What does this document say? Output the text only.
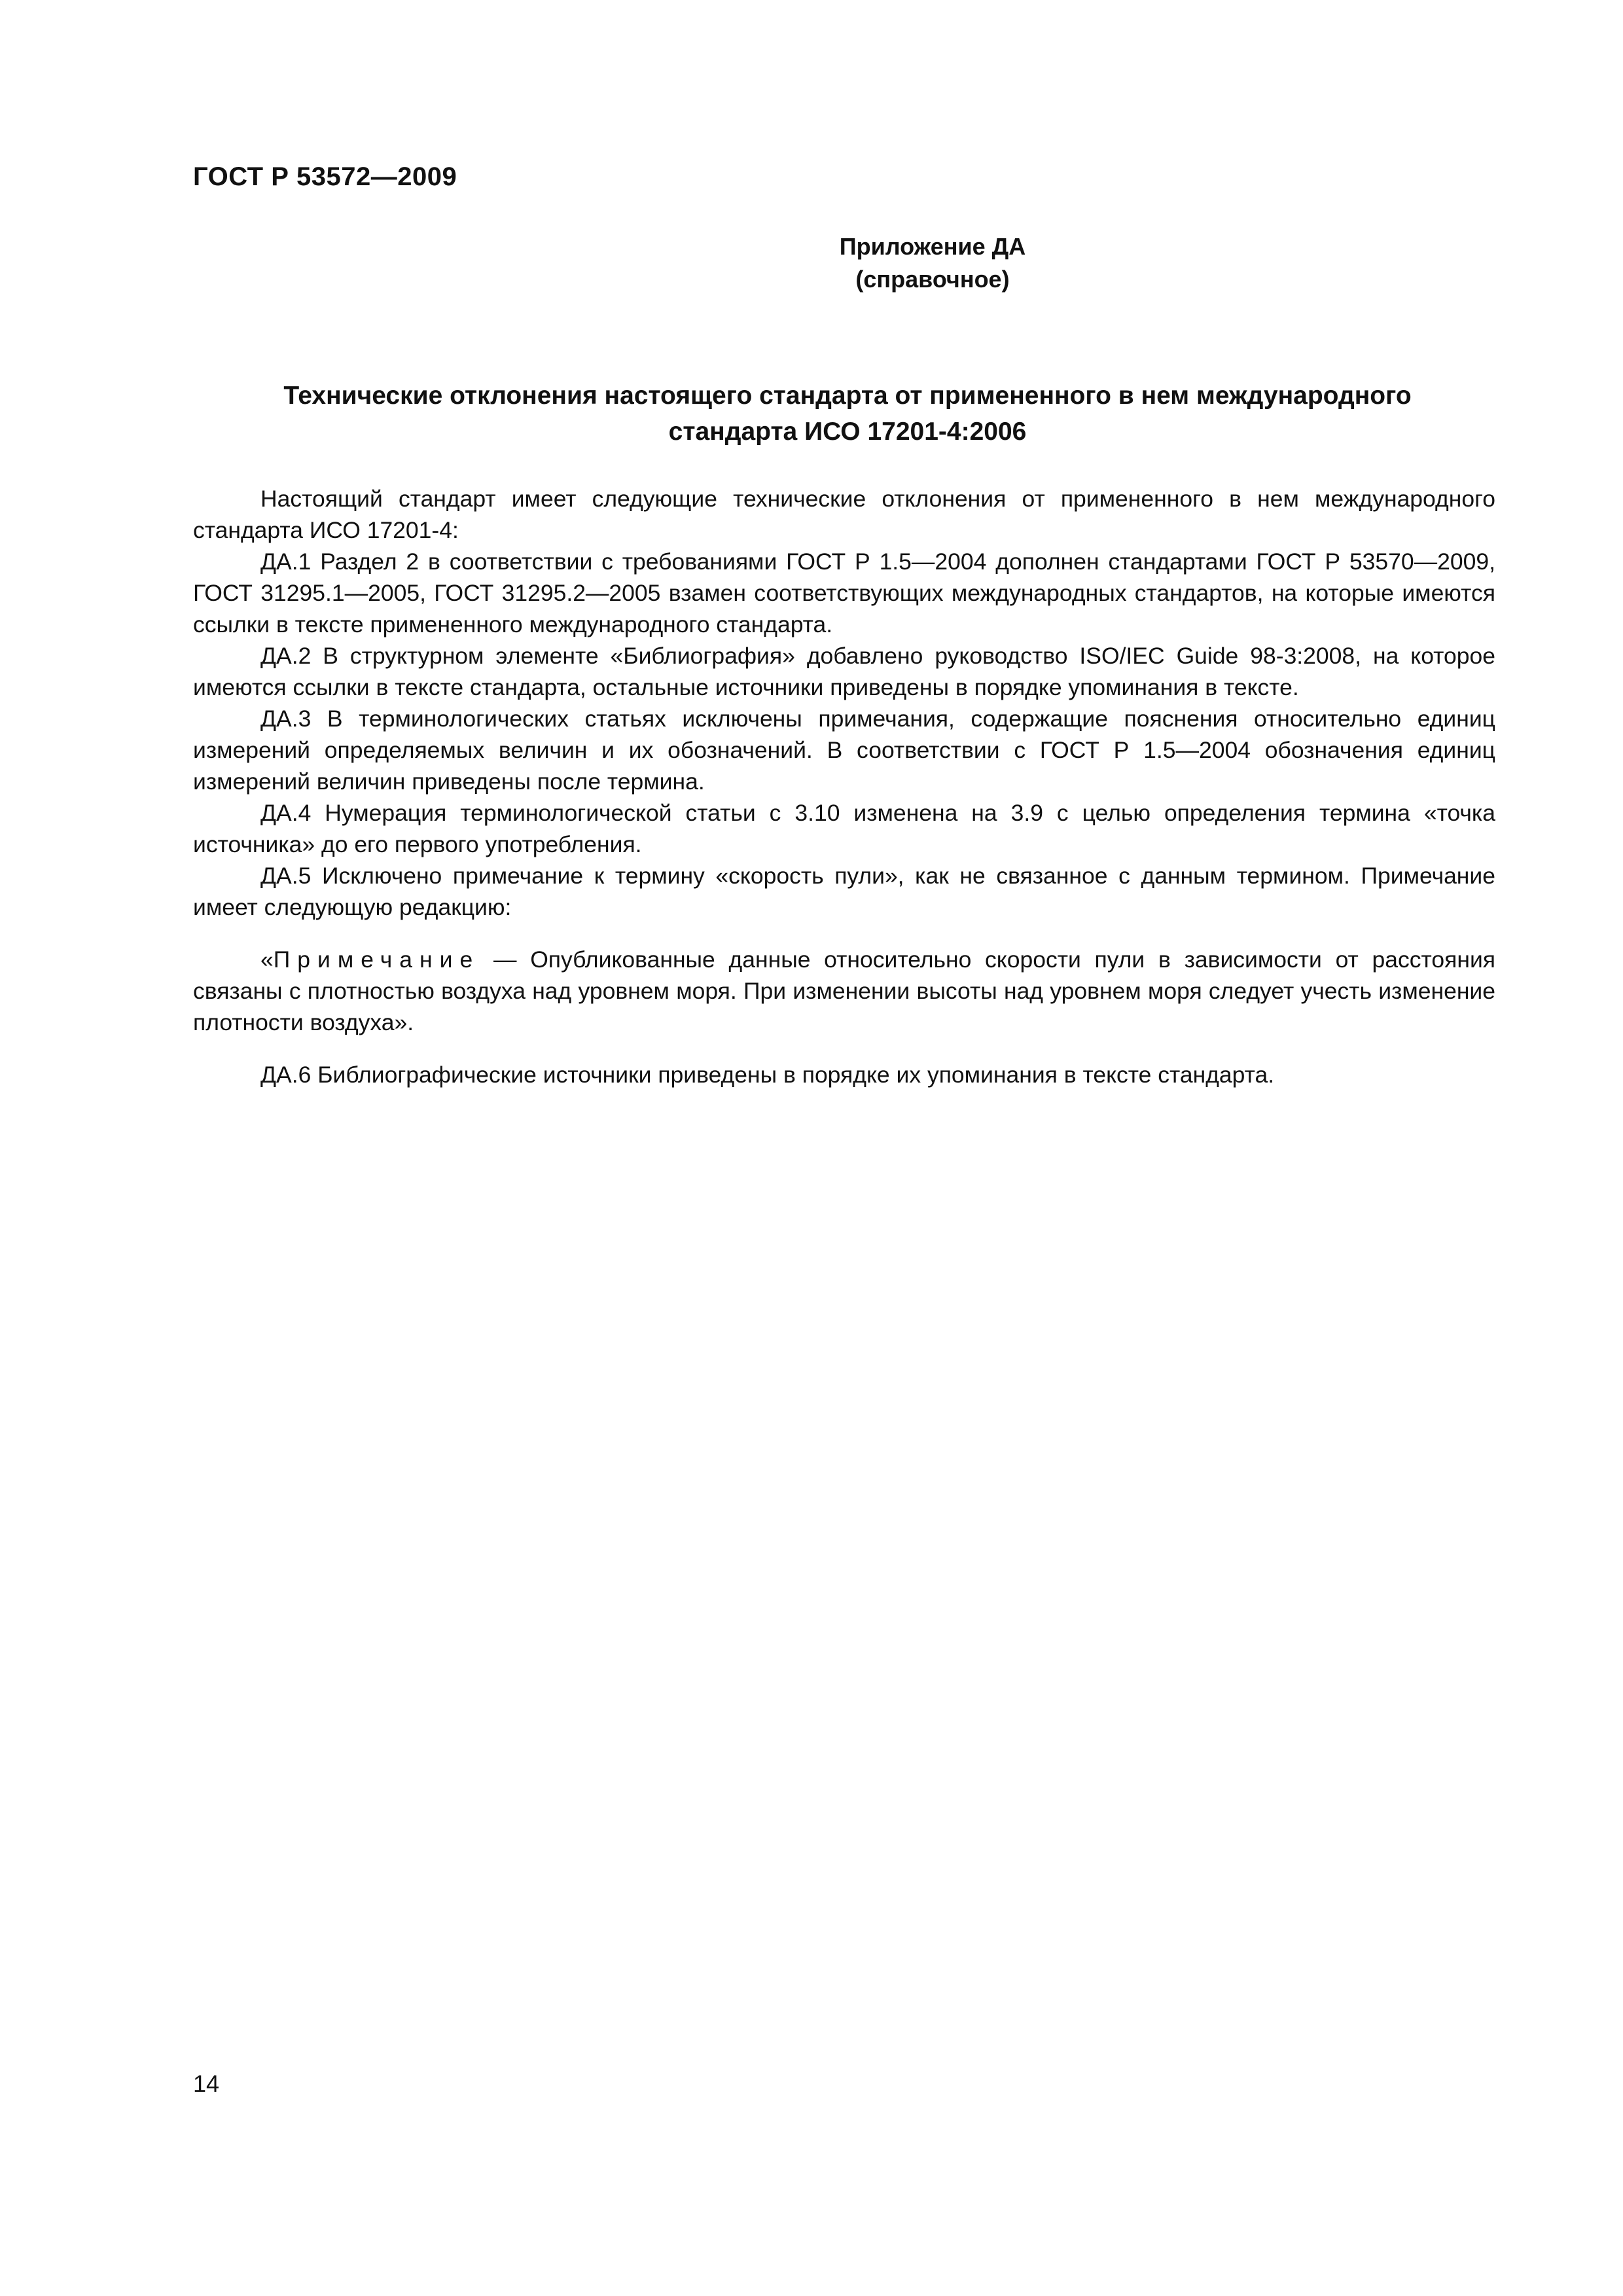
ГОСТ Р 53572—2009
Приложение ДА
(справочное)
Технические отклонения настоящего стандарта от примененного в нем международного
стандарта ИСО 17201-4:2006

Настоящий стандарт имеет следующие технические отклонения от примененного в нем международного стандарта ИСО 17201-4:

ДА.1 Раздел 2 в соответствии с требованиями ГОСТ Р 1.5—2004 дополнен стандартами ГОСТ Р 53570—2009, ГОСТ 31295.1—2005, ГОСТ 31295.2—2005 взамен соответствующих международных стандартов, на которые имеются ссылки в тексте примененного международного стандарта.

ДА.2 В структурном элементе «Библиография» добавлено руководство ISO/IEC Guide 98-3:2008, на которое имеются ссылки в тексте стандарта, остальные источники приведены в порядке упоминания в тексте.

ДА.3 В терминологических статьях исключены примечания, содержащие пояснения относительно единиц измерений определяемых величин и их обозначений. В соответствии с ГОСТ Р 1.5—2004 обозначения единиц измерений величин приведены после термина.

ДА.4 Нумерация терминологической статьи с 3.10 изменена на 3.9 с целью определения термина «точка источника» до его первого употребления.

ДА.5 Исключено примечание к термину «скорость пули», как не связанное с данным термином. Примечание имеет следующую редакцию:

«Примечание — Опубликованные данные относительно скорости пули в зависимости от расстояния связаны с плотностью воздуха над уровнем моря. При изменении высоты над уровнем моря следует учесть изменение плотности воздуха».

ДА.6 Библиографические источники приведены в порядке их упоминания в тексте стандарта.

14
